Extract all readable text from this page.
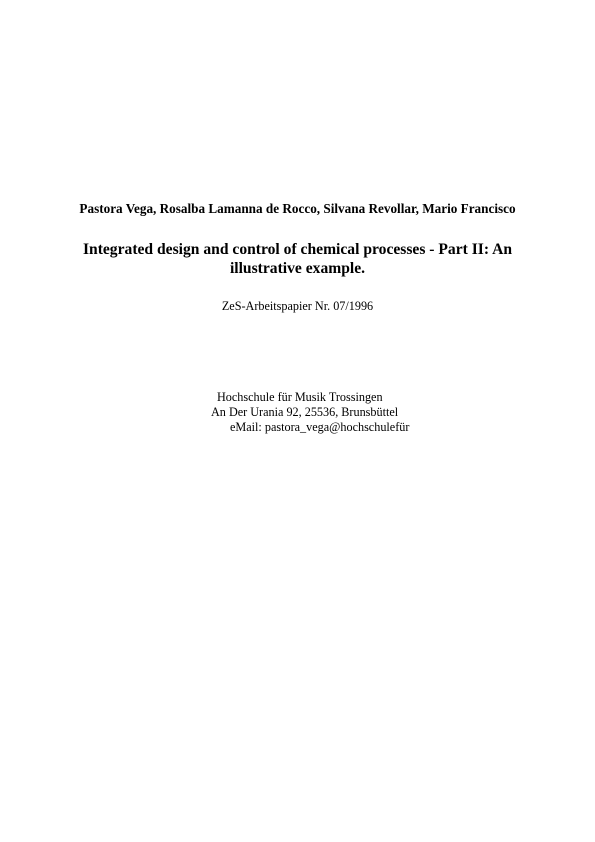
Pastora Vega, Rosalba Lamanna de Rocco, Silvana Revollar, Mario Francisco
Integrated design and control of chemical processes - Part II: An
illustrative example.
ZeS-Arbeitspapier Nr. 07/1996
Hochschule für Musik Trossingen
An Der Urania 92, 25536, Brunsbüttel
eMail: pastora_vega@hochschulefür
